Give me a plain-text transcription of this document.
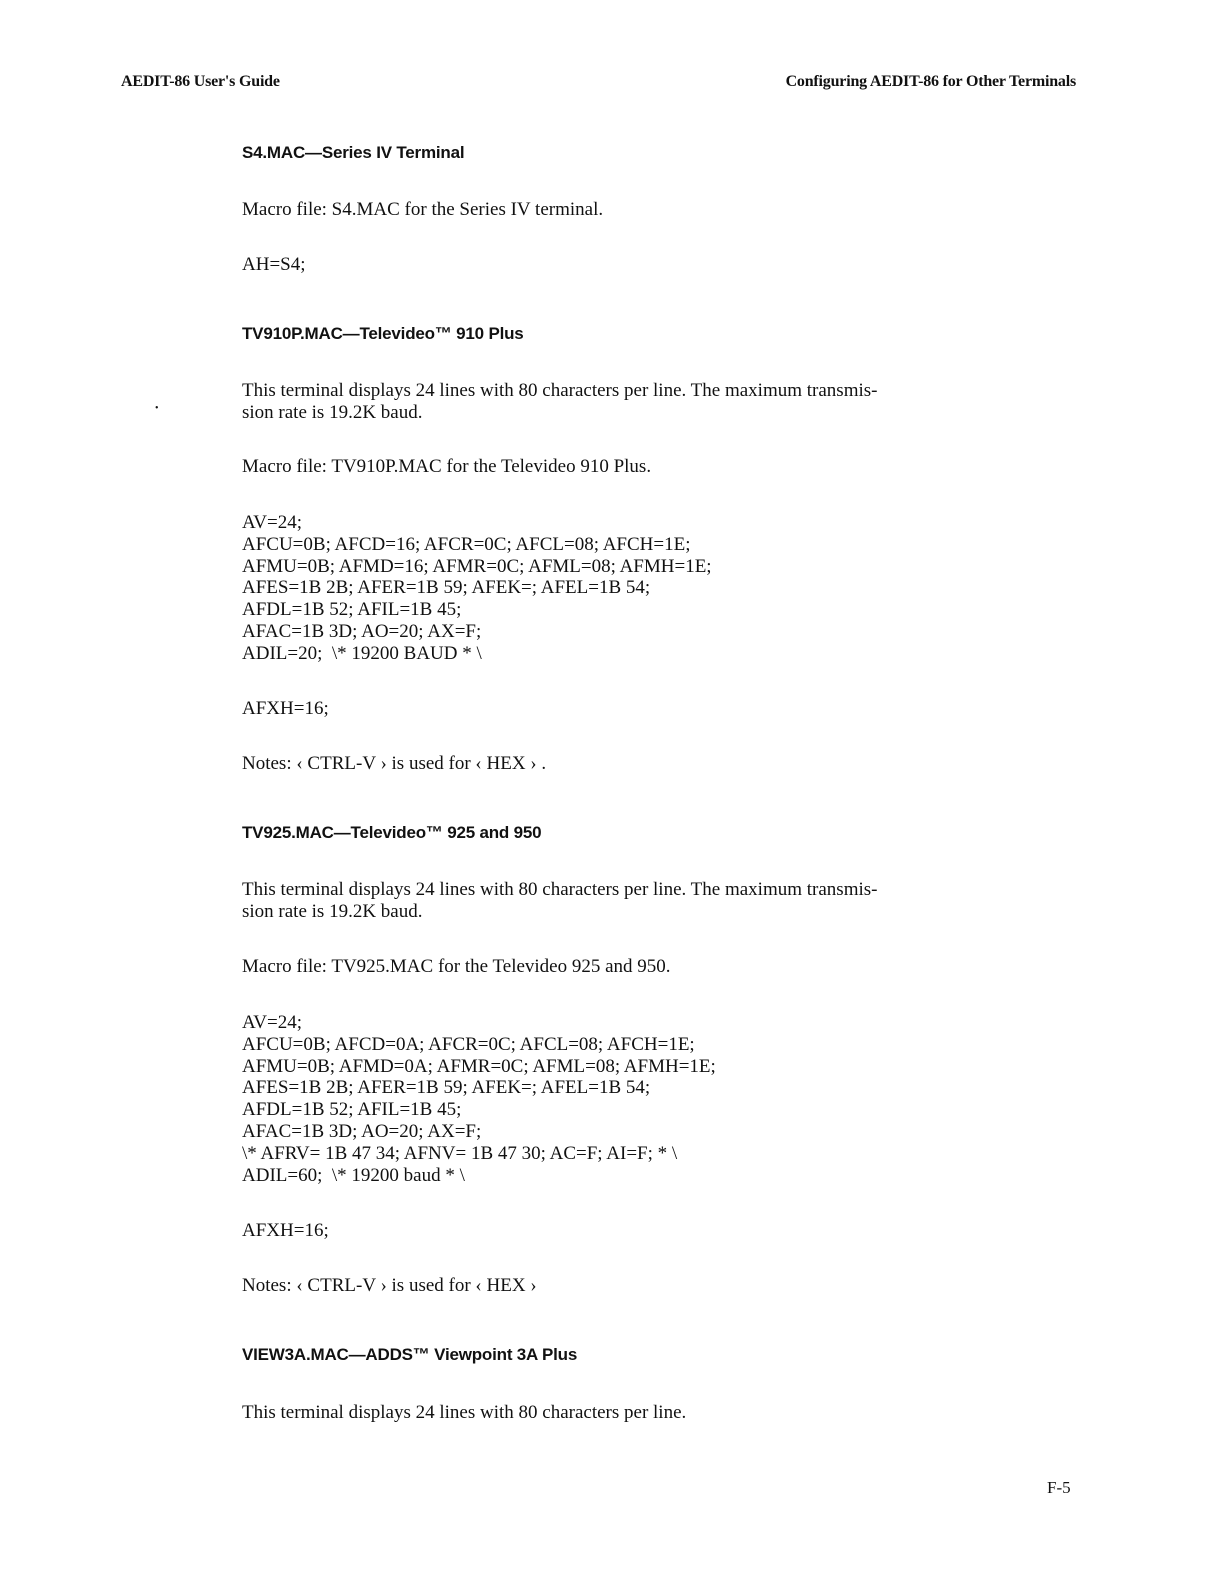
AEDIT-86 User's Guide	Configuring AEDIT-86 for Other Terminals
•
S4.MAC—Series IV Terminal
Macro file: S4.MAC for the Series IV terminal.
AH=S4;
TV910P.MAC—Televideo™ 910 Plus
This terminal displays 24 lines with 80 characters per line. The maximum transmis-
sion rate is 19.2K baud.
Macro file: TV910P.MAC for the Televideo 910 Plus.
AV=24;
AFCU=0B; AFCD=16; AFCR=0C; AFCL=08; AFCH=1E;
AFMU=0B; AFMD=16; AFMR=0C; AFML=08; AFMH=1E;
AFES=1B 2B; AFER=1B 59; AFEK=; AFEL=1B 54;
AFDL=1B 52; AFIL=1B 45;
AFAC=1B 3D; AO=20; AX=F;
ADIL=20;  \* 19200 BAUD * \
AFXH=16;
Notes: ‹ CTRL-V › is used for ‹ HEX › .
TV925.MAC—Televideo™ 925 and 950
This terminal displays 24 lines with 80 characters per line. The maximum transmis-
sion rate is 19.2K baud.
Macro file: TV925.MAC for the Televideo 925 and 950.
AV=24;
AFCU=0B; AFCD=0A; AFCR=0C; AFCL=08; AFCH=1E;
AFMU=0B; AFMD=0A; AFMR=0C; AFML=08; AFMH=1E;
AFES=1B 2B; AFER=1B 59; AFEK=; AFEL=1B 54;
AFDL=1B 52; AFIL=1B 45;
AFAC=1B 3D; AO=20; AX=F;
\* AFRV= 1B 47 34; AFNV= 1B 47 30; AC=F; AI=F; * \
ADIL=60;  \* 19200 baud * \
AFXH=16;
Notes: ‹ CTRL-V › is used for ‹ HEX ›
VIEW3A.MAC—ADDS™ Viewpoint 3A Plus
This terminal displays 24 lines with 80 characters per line.
F-5
